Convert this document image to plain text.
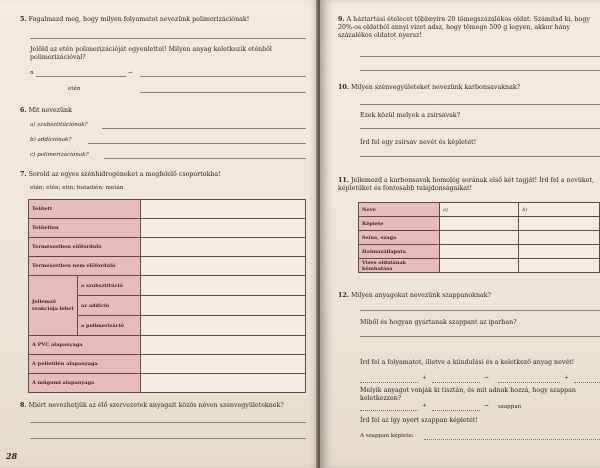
5. Fogalmazd meg, hogy milyen folyamatot nevezünk polimerizációnak!
Jelöld az etén polimerizációját egyenlettel! Milyen anyag keletkezik eténből polimerizációval?
n	→
etén
6. Mit nevezünk
a) szubsztitúciónak?
b) addíciónak?
c) polimerizációnak?
7. Sorold az egyes szénhidrogéneket a megfelelő csoportokba!
etán; etén; etin; butadién; metán
Telített		
Telítetlen		
Természetben előforduló		
Természetben nem előforduló		
Jellemző reakciója lehet	a szubsztitúció	
	az addíció	
	a polimerizáció	
A PVC alapanyaga		
A polietilén alapanyaga		
A műgumi alapanyaga		
8. Miért nevezhetjük az élő szervezetek anyagait közös néven szénvegyületeknek?
28
9. A háztartási ételecet többnyire 20 tömegszázalékos oldat. Számítsd ki, hogy 20%-os oldatból annyi vizet adsz, hogy tömege 500 g legyen, akkor hány százalékos oldatot nyersz!
10. Milyen szénvegyületeket nevezünk karbonsavaknak?
Ezek közül melyek a zsírsavak?
Írd fel egy zsírsav nevét és képletét!
11. Jellemezd a karbonsavak homológ sorának első két tagját! Írd fel a nevüket, képletüket és fontosabb tulajdonságaikat!
Neve	a)	b)
Képlete		
Színe, szaga		
Halmazállapota		
Vizes oldatának kémhatása		
12. Milyen anyagokat nevezünk szappanoknak?
Miből és hogyan gyártanak szappant az iparban?
Írd fel a folyamatot, illetve a kiindulási és a keletkező anyag nevét!
+	→	+
Melyik anyagot vonják ki tisztán, és mit adnak hozzá, hogy szappan keletkezzen?
+	→ szappan
Írd fel az így nyert szappan képletét!
A szappan képlete:
